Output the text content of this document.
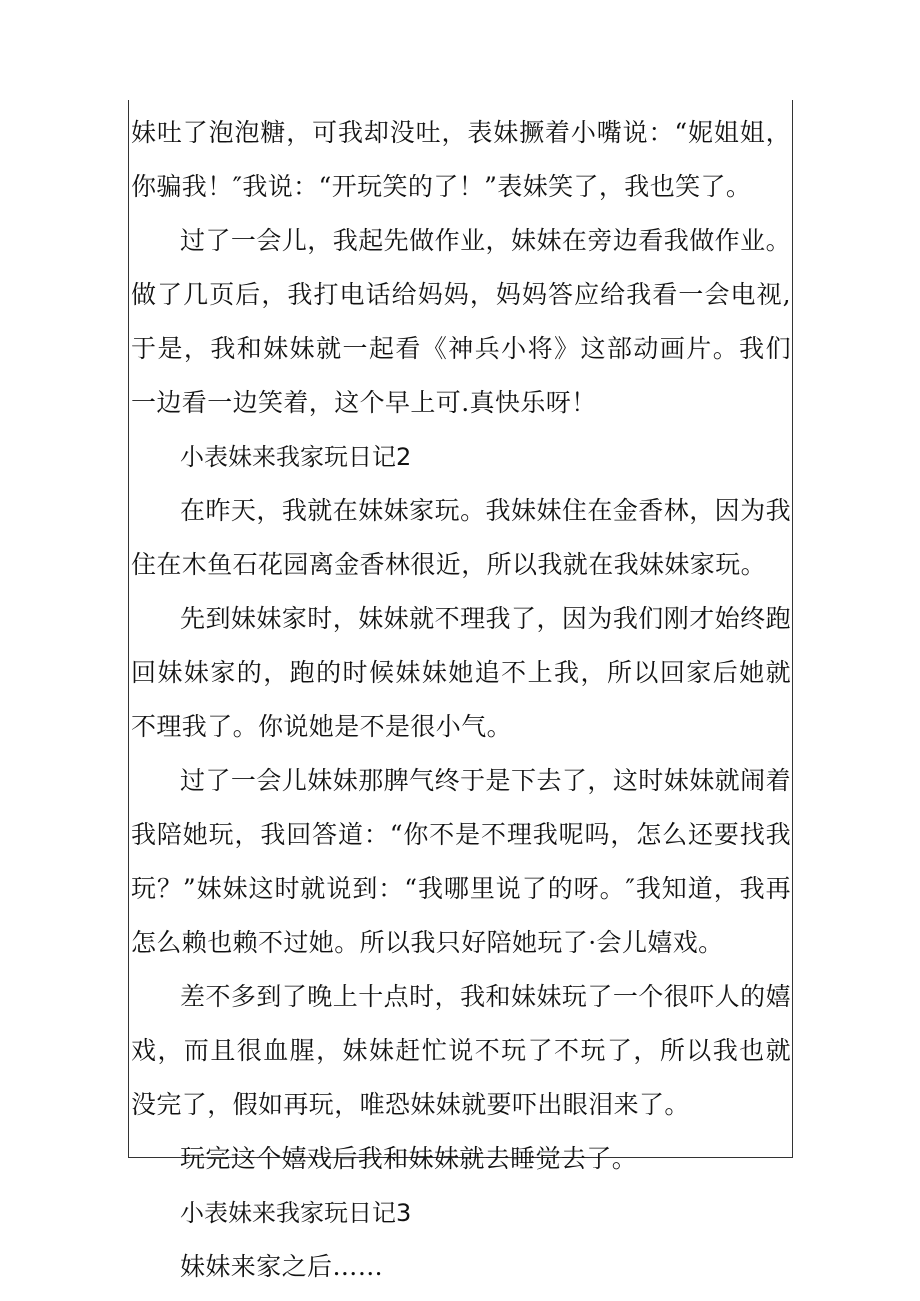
妹吐了泡泡糖，可我却没吐，表妹撅着小嘴说：“妮姐姐，你骗我！″我说：“开玩笑的了！”表妹笑了，我也笑了。

过了一会儿，我起先做作业，妹妹在旁边看我做作业。做了几页后，我打电话给妈妈，妈妈答应给我看一会电视,于是，我和妹妹就一起看《神兵小将》这部动画片。我们一边看一边笑着，这个早上可.真快乐呀！

小表妹来我家玩日记2

在昨天，我就在妹妹家玩。我妹妹住在金香林，因为我住在木鱼石花园离金香林很近，所以我就在我妹妹家玩。

先到妹妹家时，妹妹就不理我了，因为我们刚才始终跑回妹妹家的，跑的时候妹妹她追不上我，所以回家后她就不理我了。你说她是不是很小气。

过了一会儿妹妹那脾气终于是下去了，这时妹妹就闹着我陪她玩，我回答道：“你不是不理我呢吗，怎么还要找我玩？”妹妹这时就说到：“我哪里说了的呀。″我知道，我再怎么赖也赖不过她。所以我只好陪她玩了·会儿嬉戏。

差不多到了晚上十点时，我和妹妹玩了一个很吓人的嬉戏，而且很血腥，妹妹赶忙说不玩了不玩了，所以我也就没完了，假如再玩，唯恐妹妹就要吓出眼泪来了。

玩完这个嬉戏后我和妹妹就去睡觉去了。

小表妹来我家玩日记3

妹妹来家之后……
